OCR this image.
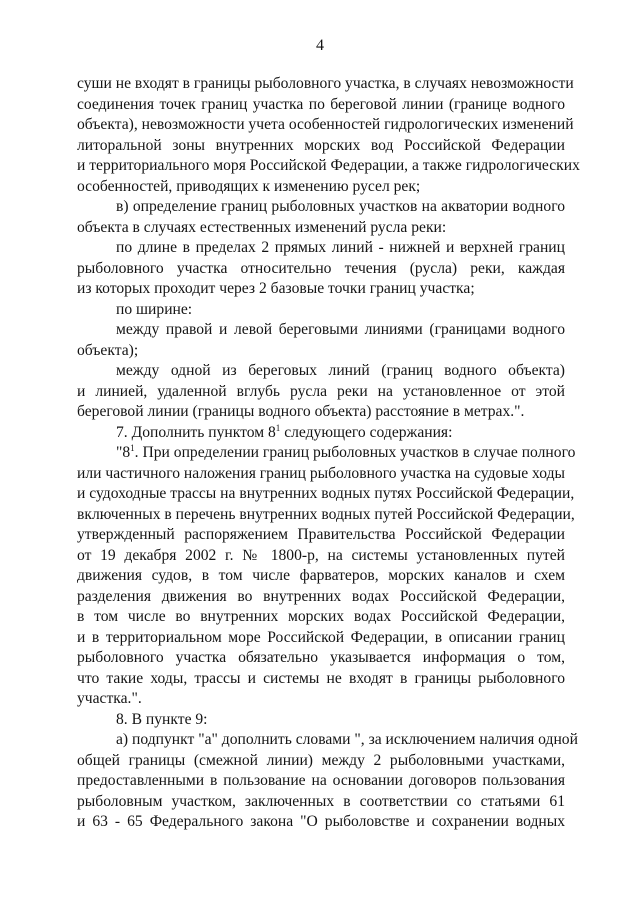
4
суши не входят в границы рыболовного участка, в случаях невозможности
соединения точек границ участка по береговой линии (границе водного
объекта), невозможности учета особенностей гидрологических изменений
литоральной зоны внутренних морских вод Российской Федерации
и территориального моря Российской Федерации, а также гидрологических
особенностей, приводящих к изменению русел рек;
в) определение границ рыболовных участков на акватории водного
объекта в случаях естественных изменений русла реки:
по длине в пределах 2 прямых линий - нижней и верхней границ
рыболовного участка относительно течения (русла) реки, каждая
из которых проходит через 2 базовые точки границ участка;
по ширине:
между правой и левой береговыми линиями (границами водного
объекта);
между одной из береговых линий (границ водного объекта)
и линией, удаленной вглубь русла реки на установленное от этой
береговой линии (границы водного объекта) расстояние в метрах.".
7. Дополнить пунктом $8^1$ следующего содержания:
"$8^1$. При определении границ рыболовных участков в случае полного
или частичного наложения границ рыболовного участка на судовые ходы
и судоходные трассы на внутренних водных путях Российской Федерации,
включенных в перечень внутренних водных путей Российской Федерации,
утвержденный распоряжением Правительства Российской Федерации
от 19 декабря 2002 г. № 1800-р, на системы установленных путей
движения судов, в том числе фарватеров, морских каналов и схем
разделения движения во внутренних водах Российской Федерации,
в том числе во внутренних морских водах Российской Федерации,
и в территориальном море Российской Федерации, в описании границ
рыболовного участка обязательно указывается информация о том,
что такие ходы, трассы и системы не входят в границы рыболовного
участка.".
8. В пункте 9:
а) подпункт "а" дополнить словами ", за исключением наличия одной
общей границы (смежной линии) между 2 рыболовными участками,
предоставленными в пользование на основании договоров пользования
рыболовным участком, заключенных в соответствии со статьями 61
и 63 - 65 Федерального закона "О рыболовстве и сохранении водных
